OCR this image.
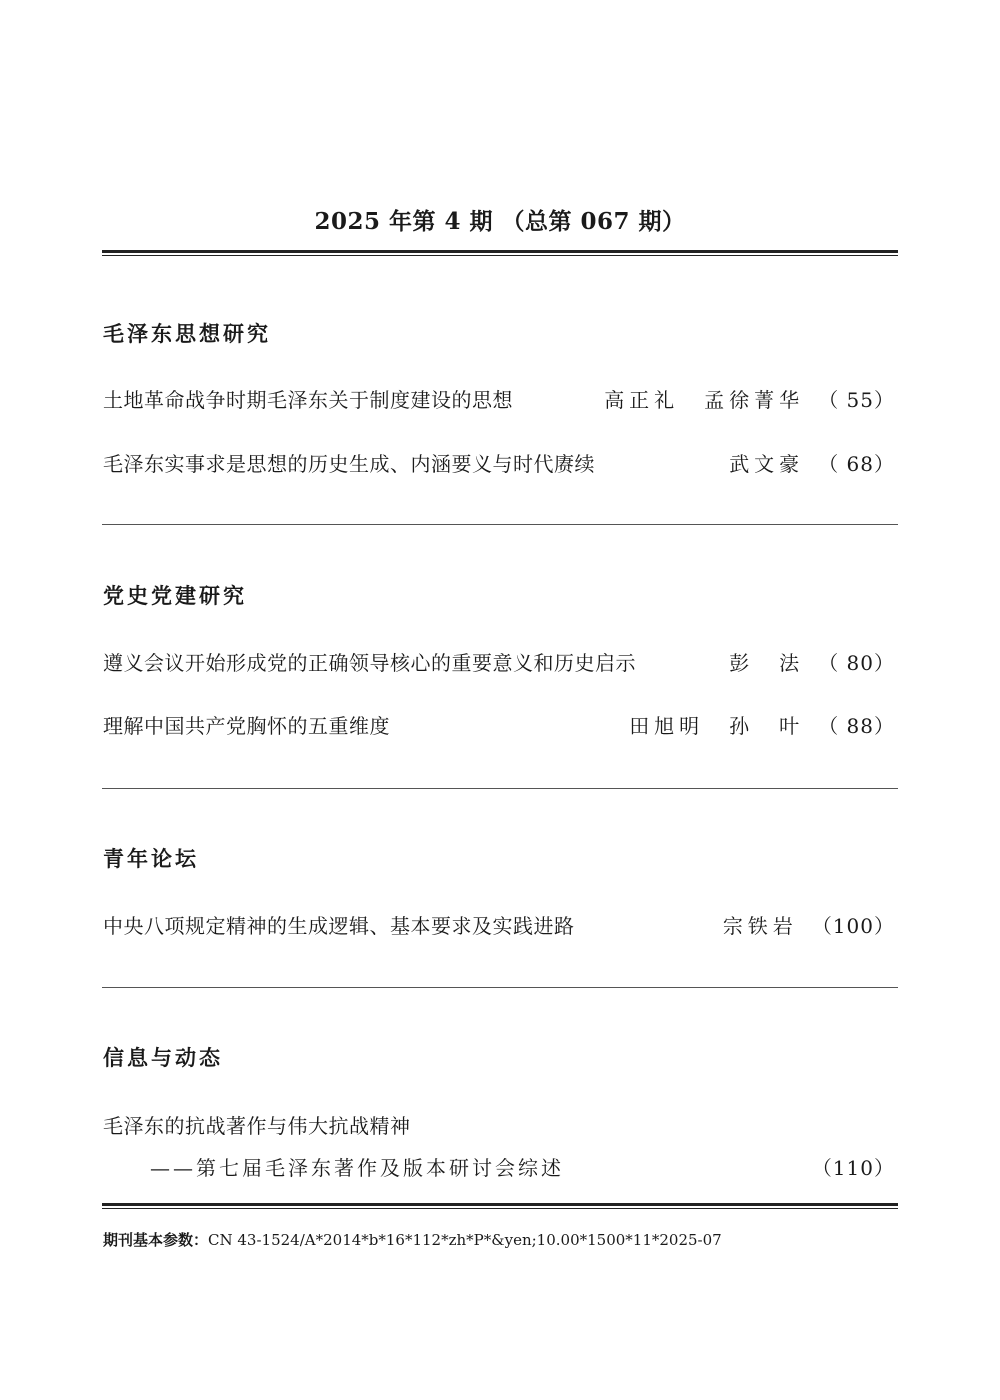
2025 年第 4 期 （总第 067 期）
毛泽东思想研究
土地革命战争时期毛泽东关于制度建设的思想	高正礼　孟徐菁华 （ 55）
毛泽东实事求是思想的历史生成、内涵要义与时代赓续	武文豪 （ 68）
党史党建研究
遵义会议开始形成党的正确领导核心的重要意义和历史启示	彭　法 （ 80）
理解中国共产党胸怀的五重维度	田旭明　孙　叶 （ 88）
青年论坛
中央八项规定精神的生成逻辑、基本要求及实践进路	宗铁岩 （100）
信息与动态
毛泽东的抗战著作与伟大抗战精神
——第七届毛泽东著作及版本研讨会综述	（110）
期刊基本参数：CN 43-1524/A*2014*b*16*112*zh*P*&yen;10.00*1500*11*2025-07
